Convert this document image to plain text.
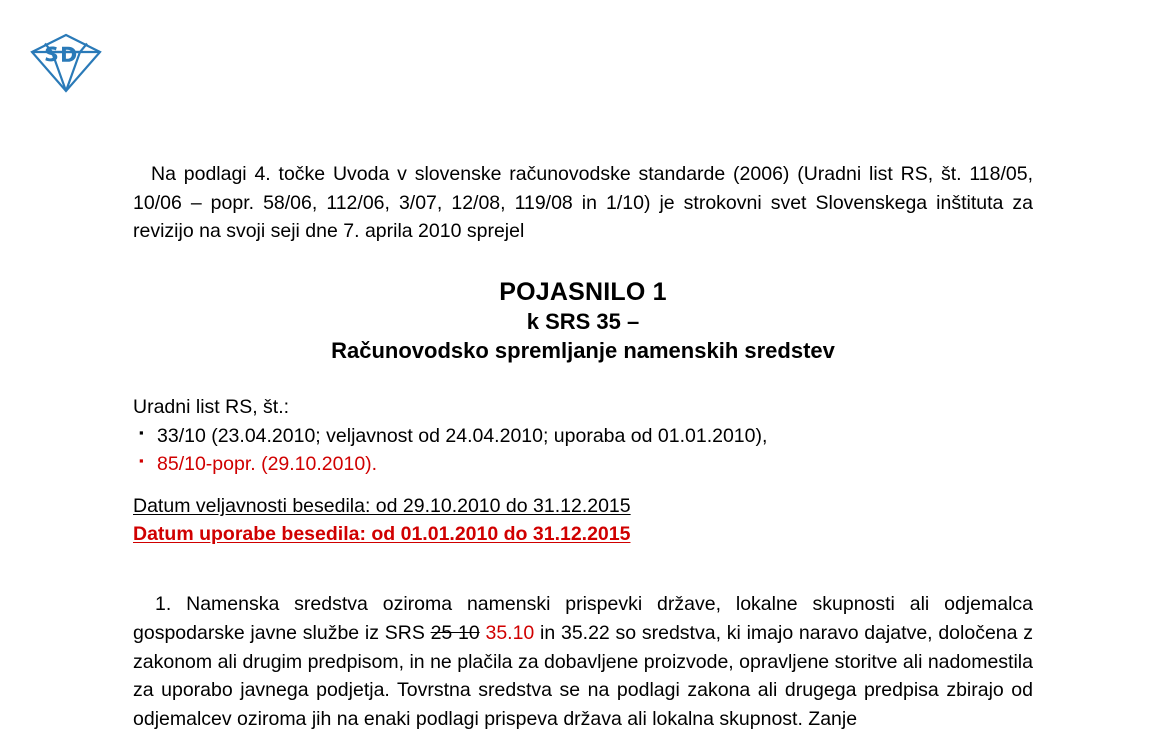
Na podlagi 4. točke Uvoda v slovenske računovodske standarde (2006) (Uradni list RS, št. 118/05, 10/06 – popr. 58/06, 112/06, 3/07, 12/08, 119/08 in 1/10) je strokovni svet Slovenskega inštituta za revizijo na svoji seji dne 7. aprila 2010 sprejel

POJASNILO 1
k SRS 35 –
Računovodsko spremljanje namenskih sredstev

Uradni list RS, št.:

▪ 33/10 (23.04.2010; veljavnost od 24.04.2010; uporaba od 01.01.2010),
▪ 85/10-popr. (29.10.2010).
Datum veljavnosti besedila: od 29.10.2010 do 31.12.2015
Datum uporabe besedila: od 01.01.2010 do 31.12.2015

1. Namenska sredstva oziroma namenski prispevki države, lokalne skupnosti ali odjemalca gospodarske javne službe iz SRS 25 10 35.10 in 35.22 so sredstva, ki imajo naravo dajatve, določena z zakonom ali drugim predpisom, in ne plačila za dobavljene proizvode, opravljene storitve ali nadomestila za uporabo javnega podjetja. Tovrstna sredstva se na podlagi zakona ali drugega predpisa zbirajo od odjemalcev oziroma jih na enaki podlagi prispeva država ali lokalna skupnost. Zanje
